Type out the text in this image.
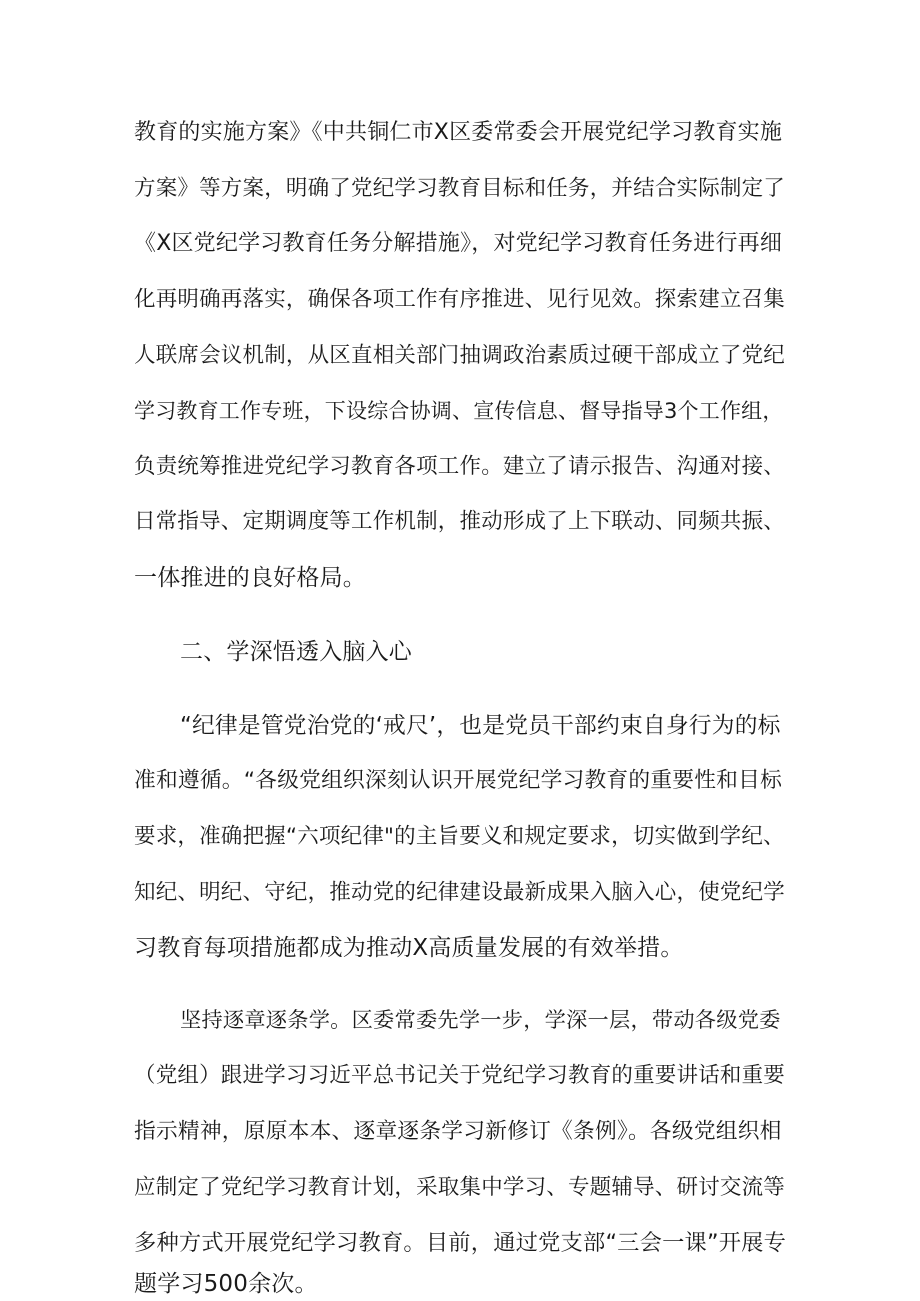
教育的实施方案》《中共铜仁市X区委常委会开展党纪学习教育实施
方案》等方案，明确了党纪学习教育目标和任务，并结合实际制定了
《X区党纪学习教育任务分解措施》，对党纪学习教育任务进行再细
化再明确再落实，确保各项工作有序推进、见行见效。探索建立召集
人联席会议机制，从区直相关部门抽调政治素质过硬干部成立了党纪
学习教育工作专班，下设综合协调、宣传信息、督导指导3个工作组，
负责统筹推进党纪学习教育各项工作。建立了请示报告、沟通对接、
日常指导、定期调度等工作机制，推动形成了上下联动、同频共振、
一体推进的良好格局。
二、学深悟透入脑入心
“纪律是管党治党的‘戒尺’，也是党员干部约束自身行为的标
准和遵循。“各级党组织深刻认识开展党纪学习教育的重要性和目标
要求，准确把握“六项纪律"的主旨要义和规定要求，切实做到学纪、
知纪、明纪、守纪，推动党的纪律建设最新成果入脑入心，使党纪学
习教育每项措施都成为推动X高质量发展的有效举措。
坚持逐章逐条学。区委常委先学一步，学深一层，带动各级党委
（党组）跟进学习习近平总书记关于党纪学习教育的重要讲话和重要
指示精神，原原本本、逐章逐条学习新修订《条例》。各级党组织相
应制定了党纪学习教育计划，采取集中学习、专题辅导、研讨交流等
多种方式开展党纪学习教育。目前，通过党支部“三会一课”开展专
题学习500余次。
